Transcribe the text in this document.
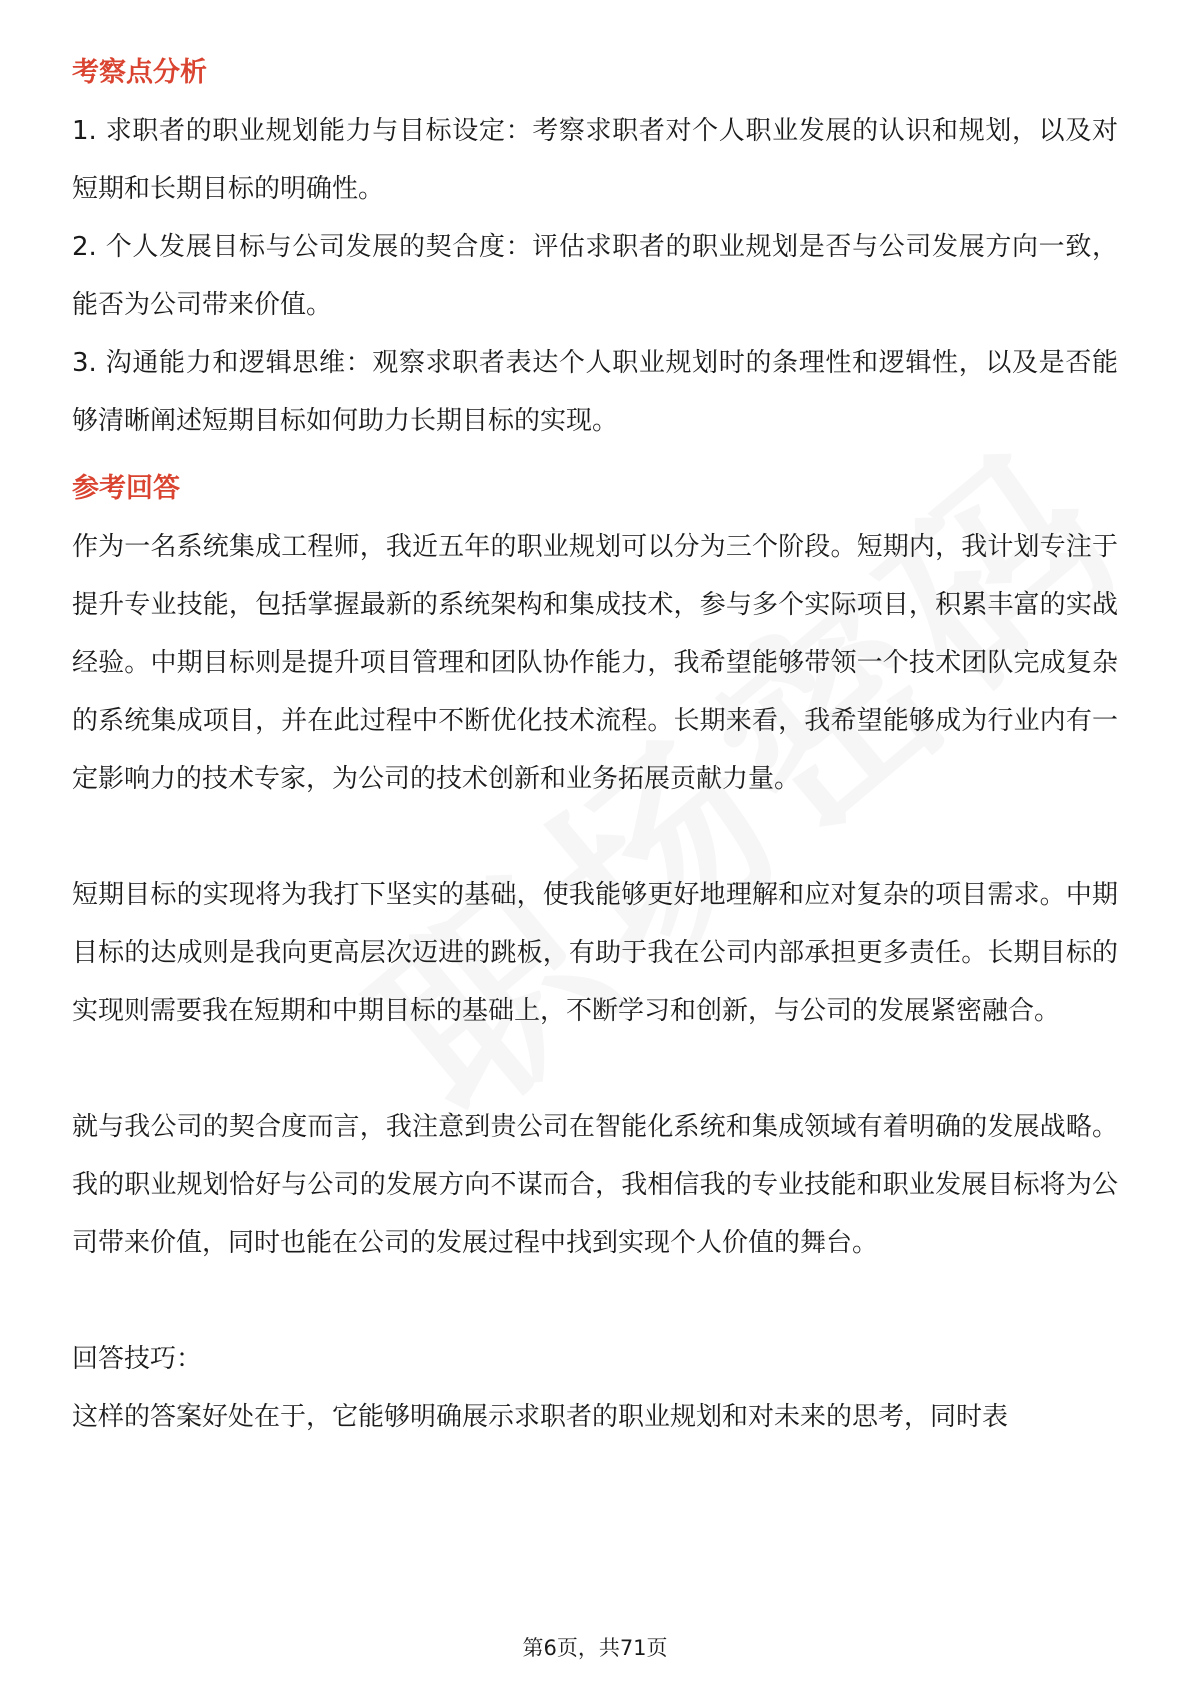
考察点分析

1. 求职者的职业规划能力与目标设定：考察求职者对个人职业发展的认识和规划，以及对短期和长期目标的明确性。

2. 个人发展目标与公司发展的契合度：评估求职者的职业规划是否与公司发展方向一致，能否为公司带来价值。

3. 沟通能力和逻辑思维：观察求职者表达个人职业规划时的条理性和逻辑性，以及是否能够清晰阐述短期目标如何助力长期目标的实现。

参考回答

作为一名系统集成工程师，我近五年的职业规划可以分为三个阶段。短期内，我计划专注于提升专业技能，包括掌握最新的系统架构和集成技术，参与多个实际项目，积累丰富的实战经验。中期目标则是提升项目管理和团队协作能力，我希望能够带领一个技术团队完成复杂的系统集成项目，并在此过程中不断优化技术流程。长期来看，我希望能够成为行业内有一定影响力的技术专家，为公司的技术创新和业务拓展贡献力量。

短期目标的实现将为我打下坚实的基础，使我能够更好地理解和应对复杂的项目需求。中期目标的达成则是我向更高层次迈进的跳板，有助于我在公司内部承担更多责任。长期目标的实现则需要我在短期和中期目标的基础上，不断学习和创新，与公司的发展紧密融合。

就与我公司的契合度而言，我注意到贵公司在智能化系统和集成领域有着明确的发展战略。我的职业规划恰好与公司的发展方向不谋而合，我相信我的专业技能和职业发展目标将为公司带来价值，同时也能在公司的发展过程中找到实现个人价值的舞台。

回答技巧：

这样的答案好处在于，它能够明确展示求职者的职业规划和对未来的思考，同时表

第6页，共71页
